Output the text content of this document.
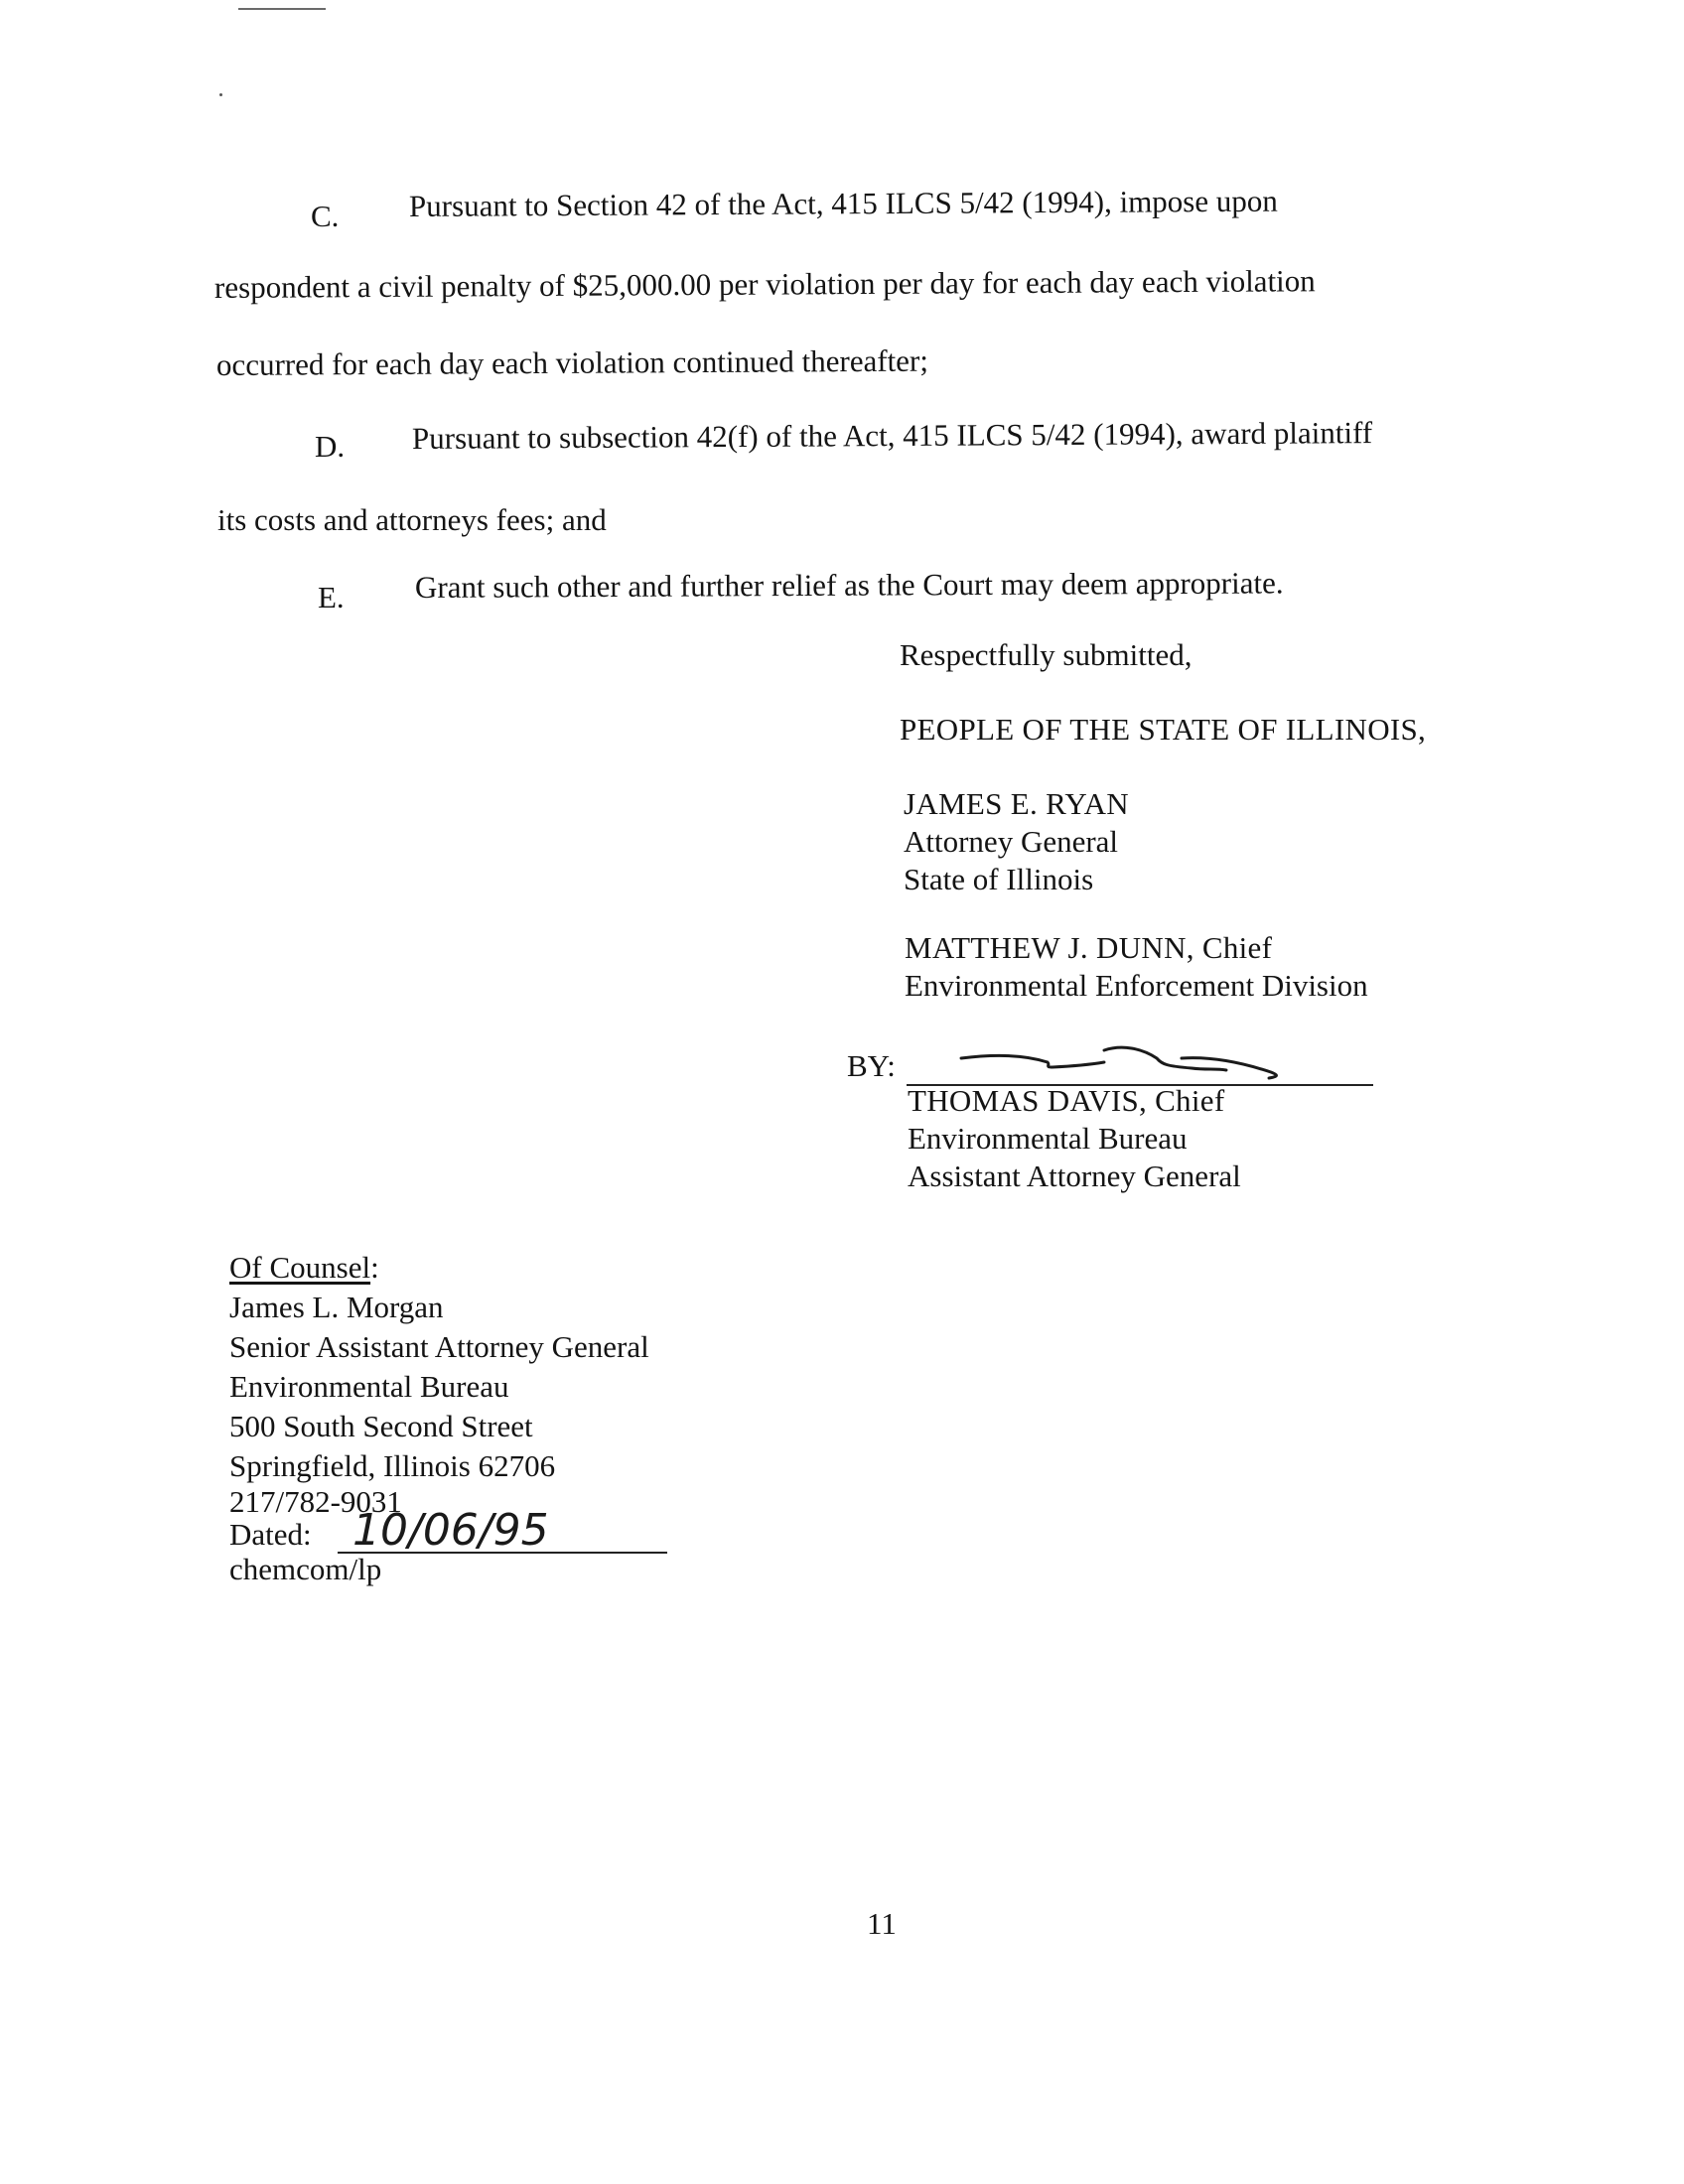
C. Pursuant to Section 42 of the Act, 415 ILCS 5/42 (1994), impose upon
respondent a civil penalty of $25,000.00 per violation per day for each day each violation
occurred for each day each violation continued thereafter;
D. Pursuant to subsection 42(f) of the Act, 415 ILCS 5/42 (1994), award plaintiff
its costs and attorneys fees; and
E. Grant such other and further relief as the Court may deem appropriate.
Respectfully submitted,
PEOPLE OF THE STATE OF ILLINOIS,
JAMES E. RYAN
Attorney General
State of Illinois
MATTHEW J. DUNN, Chief
Environmental Enforcement Division
BY:
THOMAS DAVIS, Chief
Environmental Bureau
Assistant Attorney General
Of Counsel:
James L. Morgan
Senior Assistant Attorney General
Environmental Bureau
500 South Second Street
Springfield, Illinois 62706
217/782-9031
Dated:
chemcom/lp
10/06/95
11
